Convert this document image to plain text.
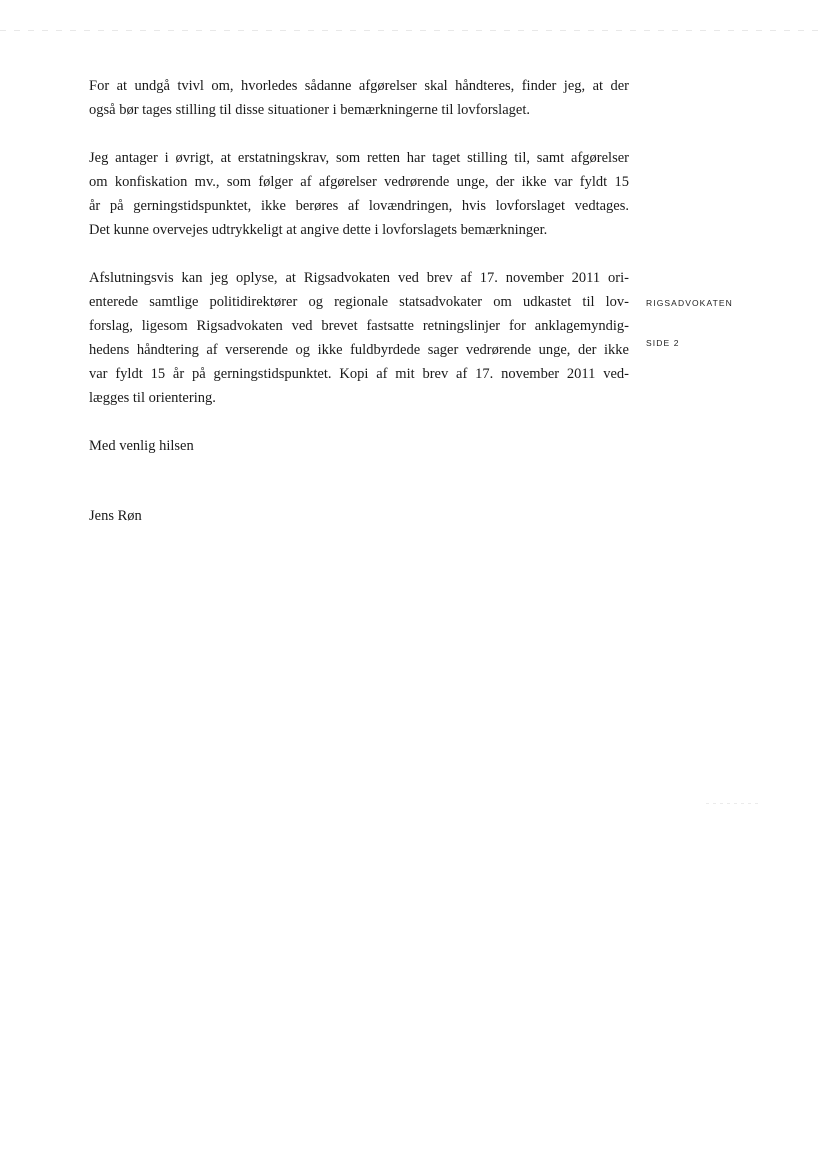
For at undgå tvivl om, hvorledes sådanne afgørelser skal håndteres, finder jeg, at der
også bør tages stilling til disse situationer i bemærkningerne til lovforslaget.

Jeg antager i øvrigt, at erstatningskrav, som retten har taget stilling til, samt afgørelser
om konfiskation mv., som følger af afgørelser vedrørende unge, der ikke var fyldt 15
år på gerningstidspunktet, ikke berøres af lovændringen, hvis lovforslaget vedtages.
Det kunne overvejes udtrykkeligt at angive dette i lovforslagets bemærkninger.

Afslutningsvis kan jeg oplyse, at Rigsadvokaten ved brev af 17. november 2011 ori-
enterede samtlige politidirektører og regionale statsadvokater om udkastet til lov-
forslag, ligesom Rigsadvokaten ved brevet fastsatte retningslinjer for anklagemyndig-
hedens håndtering af verserende og ikke fuldbyrdede sager vedrørende unge, der ikke
var fyldt 15 år på gerningstidspunktet. Kopi af mit brev af 17. november 2011 ved-
lægges til orientering.

Med venlig hilsen

Jens Røn

RIGSADVOKATEN
SIDE 2
